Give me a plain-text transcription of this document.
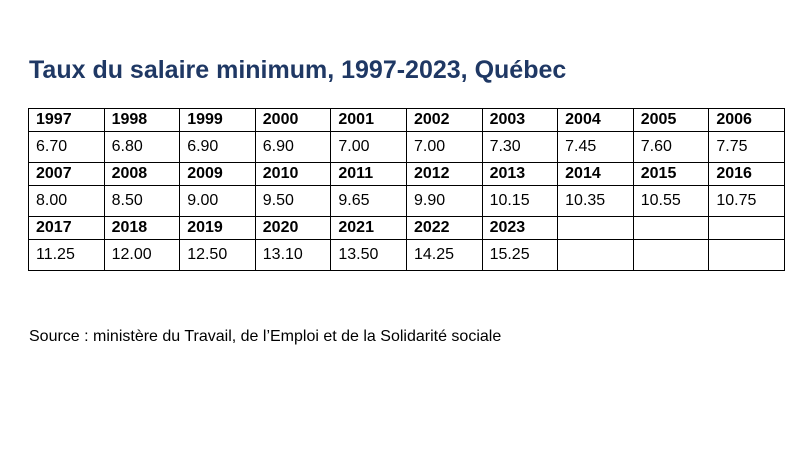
Taux du salaire minimum, 1997-2023, Québec
1997	1998	1999	2000	2001	2002	2003	2004	2005	2006
6.70	6.80	6.90	6.90	7.00	7.00	7.30	7.45	7.60	7.75
2007	2008	2009	2010	2011	2012	2013	2014	2015	2016
8.00	8.50	9.00	9.50	9.65	9.90	10.15	10.35	10.55	10.75
2017	2018	2019	2020	2021	2022	2023			
11.25	12.00	12.50	13.10	13.50	14.25	15.25			
Source : ministère du Travail, de l’Emploi et de la Solidarité sociale
